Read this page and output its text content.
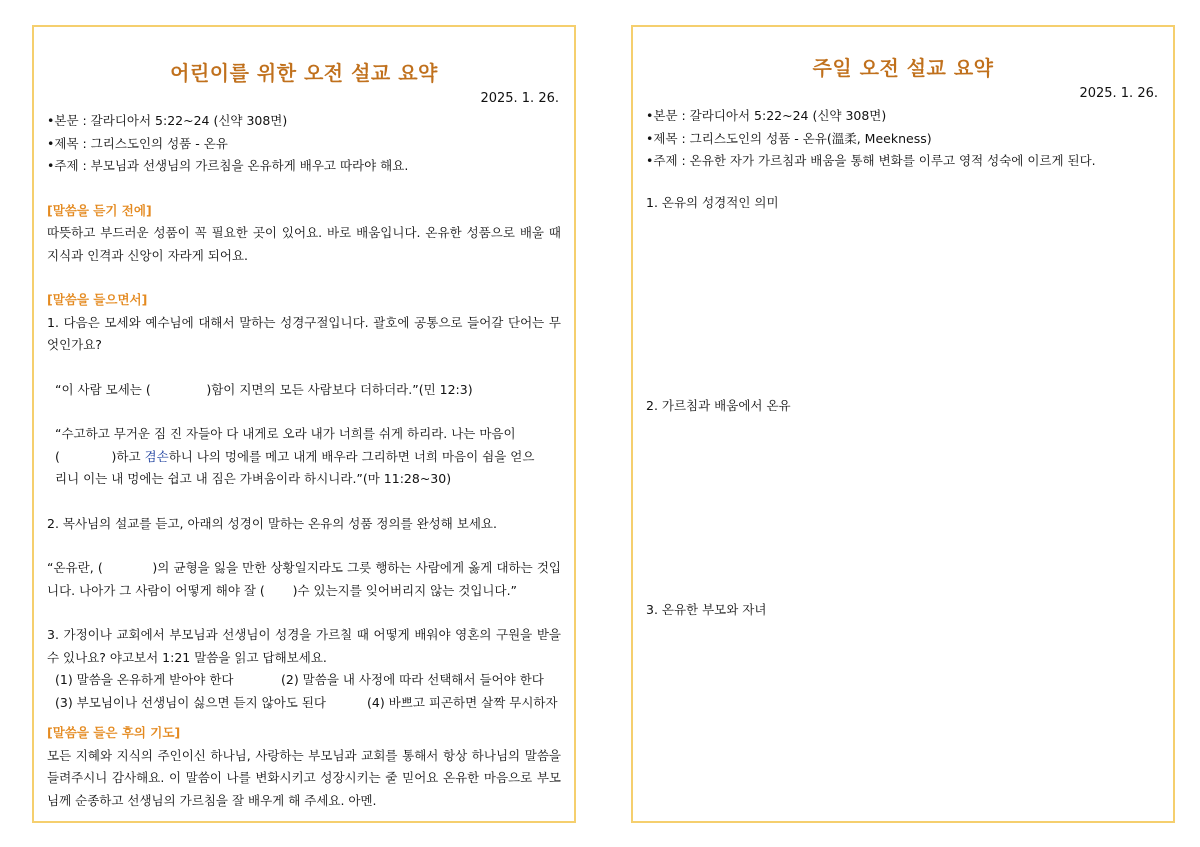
어린이를 위한 오전 설교 요약
2025. 1. 26.
•본문 : 갈라디아서 5:22~24 (신약 308면)
•제목 : 그리스도인의 성품 - 온유
•주제 : 부모님과 선생님의 가르침을 온유하게 배우고 따라야 해요.
[말씀을 듣기 전에]
따뜻하고 부드러운 성품이 꼭 필요한 곳이 있어요. 바로 배움입니다. 온유한 성품으로 배울 때 지식과 인격과 신앙이 자라게 되어요.
[말씀을 들으면서]
1. 다음은 모세와 예수님에 대해서 말하는 성경구절입니다. 괄호에 공통으로 들어갈 단어는 무엇인가요?
“이 사람 모세는 (              )함이 지면의 모든 사람보다 더하더라.”(민 12:3)
“수고하고 무거운 짐 진 자들아 다 내게로 오라 내가 너희를 쉬게 하리라. 나는 마음이
(             )하고 겸손하니 나의 멍에를 메고 내게 배우라 그리하면 너희 마음이 쉼을 얻으
리니 이는 내 멍에는 쉽고 내 짐은 가벼움이라 하시니라.”(마 11:28~30)
2. 목사님의 설교를 듣고, 아래의 성경이 말하는 온유의 성품 정의를 완성해 보세요.
“온유란, (            )의 균형을 잃을 만한 상황일지라도 그릇 행하는 사람에게 옳게 대하는 것입니다. 나아가 그 사람이 어떻게 해야 잘 (       )수 있는지를 잊어버리지 않는 것입니다.”
3. 가정이나 교회에서 부모님과 선생님이 성경을 가르칠 때 어떻게 배워야 영혼의 구원을 받을 수 있나요? 야고보서 1:21 말씀을 읽고 답해보세요.
(1) 말씀을 온유하게 받아야 한다	(2) 말씀을 내 사정에 따라 선택해서 들어야 한다
(3) 부모님이나 선생님이 싫으면 듣지 않아도 된다	(4) 바쁘고 피곤하면 살짝 무시하자
[말씀을 들은 후의 기도]
모든 지혜와 지식의 주인이신 하나님, 사랑하는 부모님과 교회를 통해서 항상 하나님의 말씀을 들려주시니 감사해요. 이 말씀이 나를 변화시키고 성장시키는 줄 믿어요 온유한 마음으로 부모님께 순종하고 선생님의 가르침을 잘 배우게 해 주세요. 아멘.
주일 오전 설교 요약
2025. 1. 26.
•본문 : 갈라디아서 5:22~24 (신약 308면)
•제목 : 그리스도인의 성품 - 온유(溫柔, Meekness)
•주제 : 온유한 자가 가르침과 배움을 통해 변화를 이루고 영적 성숙에 이르게 된다.
1. 온유의 성경적인 의미
2. 가르침과 배움에서 온유
3. 온유한 부모와 자녀
